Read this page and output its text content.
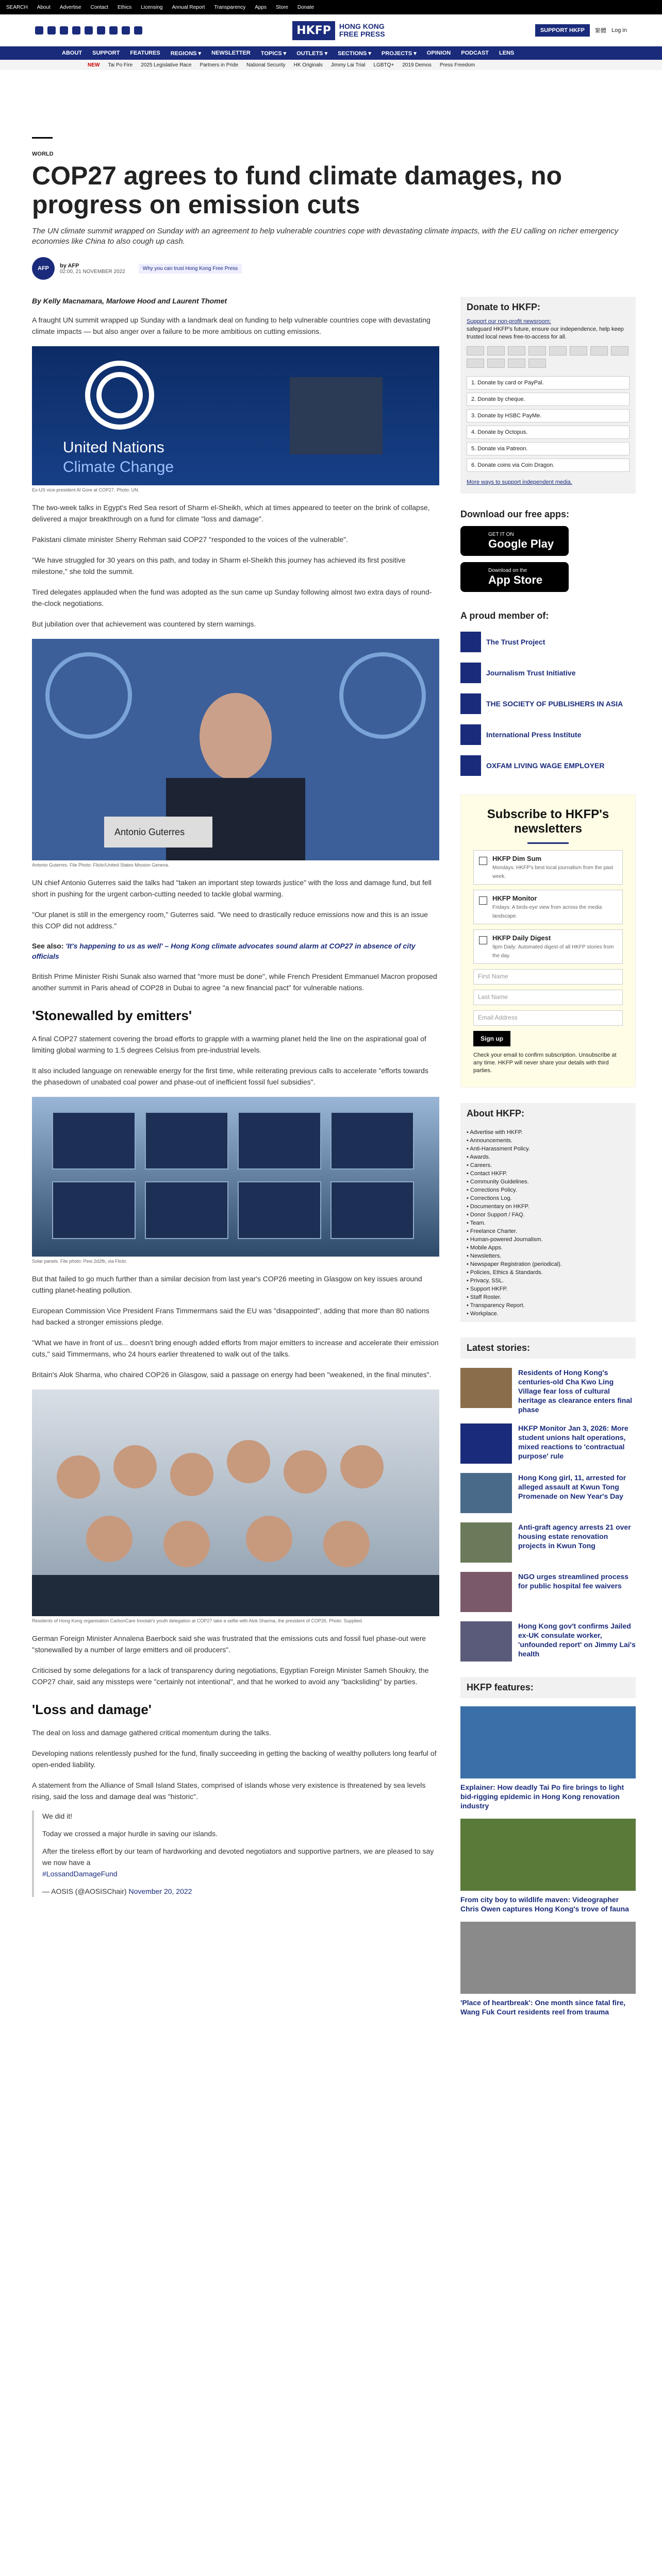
SEARCH About Advertise Contact Ethics Licensing Annual Report Transparency Apps Store Donate
HKFP	HONG KONG
FREE PRESS	SUPPORT HKFP	繁體 Log in
ABOUT SUPPORT FEATURES REGIONS ▾ NEWSLETTER TOPICS ▾ OUTLETS ▾ SECTIONS ▾ PROJECTS ▾ OPINION PODCAST LENS
NEW Tai Po Fire 2025 Legislative Race Partners in Pride National Security HK Originals Jimmy Lai Trial LGBTQ+ 2019 Demos Press Freedom
WORLD
COP27 agrees to fund climate damages, no progress on emission cuts
The UN climate summit wrapped on Sunday with an agreement to help vulnerable countries cope with devastating climate impacts, with the EU calling on richer emergency economies like China to also cough up cash.
AFP	by AFP
02:00, 21 NOVEMBER 2022
Why you can trust Hong Kong Free Press
By Kelly Macnamara, Marlowe Hood and Laurent Thomet

A fraught UN summit wrapped up Sunday with a landmark deal on funding to help vulnerable countries cope with devastating climate impacts — but also anger over a failure to be more ambitious on cutting emissions.

United Nations
Climate Change
Ex-US vice-president Al Gore at COP27. Photo: UN.

The two-week talks in Egypt's Red Sea resort of Sharm el-Sheikh, which at times appeared to teeter on the brink of collapse, delivered a major breakthrough on a fund for climate "loss and damage".

Pakistani climate minister Sherry Rehman said COP27 "responded to the voices of the vulnerable".

"We have struggled for 30 years on this path, and today in Sharm el-Sheikh this journey has achieved its first positive milestone," she told the summit.

Tired delegates applauded when the fund was adopted as the sun came up Sunday following almost two extra days of round-the-clock negotiations.

But jubilation over that achievement was countered by stern warnings.

Antonio Guterres
Antonio Guterres. File Photo: Flickr/United States Mission Geneva.

UN chief Antonio Guterres said the talks had "taken an important step towards justice" with the loss and damage fund, but fell short in pushing for the urgent carbon-cutting needed to tackle global warming.

"Our planet is still in the emergency room," Guterres said. "We need to drastically reduce emissions now and this is an issue this COP did not address."

See also: 'It's happening to us as well' – Hong Kong climate advocates sound alarm at COP27 in absence of city officials

British Prime Minister Rishi Sunak also warned that "more must be done", while French President Emmanuel Macron proposed another summit in Paris ahead of COP28 in Dubai to agree "a new financial pact" for vulnerable nations.

'Stonewalled by emitters'

A final COP27 statement covering the broad efforts to grapple with a warming planet held the line on the aspirational goal of limiting global warming to 1.5 degrees Celsius from pre-industrial levels.

It also included language on renewable energy for the first time, while reiterating previous calls to accelerate "efforts towards the phasedown of unabated coal power and phase-out of inefficient fossil fuel subsidies".

Solar panels. File photo: Pew 2d2fb, via Flickr.

But that failed to go much further than a similar decision from last year's COP26 meeting in Glasgow on key issues around cutting planet-heating pollution.

European Commission Vice President Frans Timmermans said the EU was "disappointed", adding that more than 80 nations had backed a stronger emissions pledge.

"What we have in front of us... doesn't bring enough added efforts from major emitters to increase and accelerate their emission cuts," said Timmermans, who 24 hours earlier threatened to walk out of the talks.

Britain's Alok Sharma, who chaired COP26 in Glasgow, said a passage on energy had been "weakened, in the final minutes".

Residents of Hong Kong organisation CarbonCare Innolab's youth delegation at COP27 take a selfie with Alok Sharma, the president of COP26. Photo: Supplied.

German Foreign Minister Annalena Baerbock said she was frustrated that the emissions cuts and fossil fuel phase-out were "stonewalled by a number of large emitters and oil producers".

Criticised by some delegations for a lack of transparency during negotiations, Egyptian Foreign Minister Sameh Shoukry, the COP27 chair, said any missteps were "certainly not intentional", and that he worked to avoid any "backsliding" by parties.

'Loss and damage'

The deal on loss and damage gathered critical momentum during the talks.

Developing nations relentlessly pushed for the fund, finally succeeding in getting the backing of wealthy polluters long fearful of open-ended liability.

A statement from the Alliance of Small Island States, comprised of islands whose very existence is threatened by sea levels rising, said the loss and damage deal was "historic".

We did it!

Today we crossed a major hurdle in saving our islands.

After the tireless effort by our team of hardworking and devoted negotiators and supportive partners, we are pleased to say we now have a
#LossandDamageFund

— AOSIS (@AOSISChair) November 20, 2022

Donate to HKFP:
Support our non-profit newsroom:
safeguard HKFP's future, ensure our independence, help keep trusted local news free-to-access for all.
1. Donate by card or PayPal.
2. Donate by cheque.
3. Donate by HSBC PayMe.
4. Donate by Octopus.
5. Donate via Patreon.
6. Donate coins via Coin Dragon.
More ways to support independent media.
Download our free apps:
GET IT ON
Google Play
Download on the
App Store
A proud member of:
The Trust Project
Journalism Trust Initiative
THE SOCIETY OF PUBLISHERS IN ASIA
International Press Institute
OXFAM LIVING WAGE EMPLOYER
Subscribe to HKFP's newsletters
HKFP Dim Sum
Mondays: HKFP's best local journalism from the past week.
HKFP Monitor
Fridays: A birds-eye view from across the media landscape.
HKFP Daily Digest
9pm Daily: Automated digest of all HKFP stories from the day.
First Name
Last Name
Email Address
Sign up
Check your email to confirm subscription. Unsubscribe at any time. HKFP will never share your details with third parties.
About HKFP:
• Advertise with HKFP.
• Announcements.
• Anti-Harassment Policy.
• Awards.
• Careers.
• Contact HKFP.
• Community Guidelines.
• Corrections Policy.
• Corrections Log.
• Documentary on HKFP.
• Donor Support / FAQ.
• Team.
• Freelance Charter.
• Human-powered Journalism.
• Mobile Apps.
• Newsletters.
• Newspaper Registration (periodical).
• Policies, Ethics & Standards.
• Privacy, SSL.
• Support HKFP.
• Staff Roster.
• Transparency Report.
• Workplace.
Latest stories:
Residents of Hong Kong's centuries-old Cha Kwo Ling Village fear loss of cultural heritage as clearance enters final phase
HKFP Monitor Jan 3, 2026: More student unions halt operations, mixed reactions to 'contractual purpose' rule
Hong Kong girl, 11, arrested for alleged assault at Kwun Tong Promenade on New Year's Day
Anti-graft agency arrests 21 over housing estate renovation projects in Kwun Tong
NGO urges streamlined process for public hospital fee waivers
Hong Kong gov't confirms Jailed ex-UK consulate worker, 'unfounded report' on Jimmy Lai's health
HKFP features:
Explainer: How deadly Tai Po fire brings to light bid-rigging epidemic in Hong Kong renovation industry
From city boy to wildlife maven: Videographer Chris Owen captures Hong Kong's trove of fauna
'Place of heartbreak': One month since fatal fire, Wang Fuk Court residents reel from trauma
